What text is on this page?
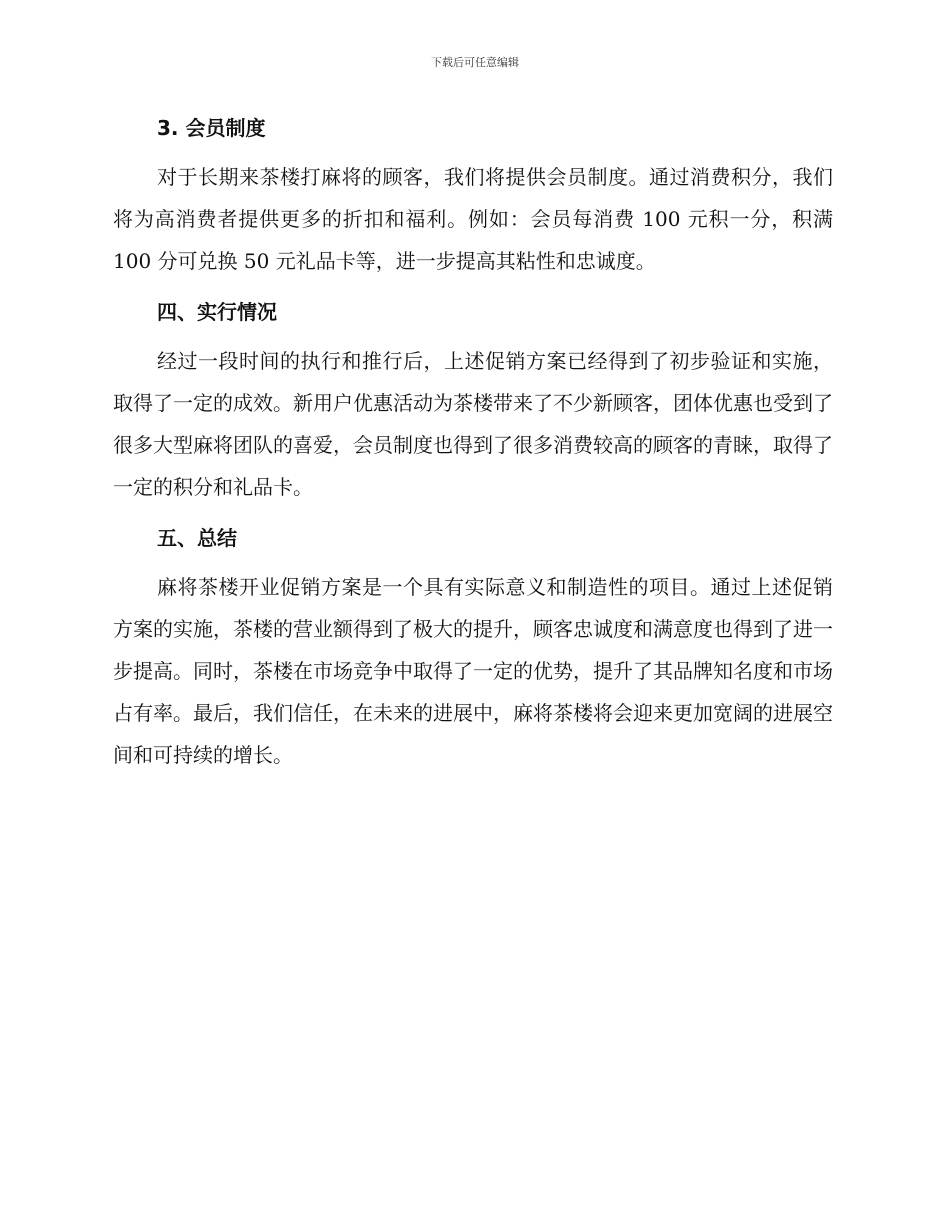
下载后可任意编辑
3. 会员制度

对于长期来茶楼打麻将的顾客，我们将提供会员制度。通过消费积分，我们将为高消费者提供更多的折扣和福利。例如：会员每消费 100 元积一分，积满 100 分可兑换 50 元礼品卡等，进一步提高其粘性和忠诚度。

四、实行情况

经过一段时间的执行和推行后，上述促销方案已经得到了初步验证和实施，取得了一定的成效。新用户优惠活动为茶楼带来了不少新顾客，团体优惠也受到了很多大型麻将团队的喜爱，会员制度也得到了很多消费较高的顾客的青睐，取得了一定的积分和礼品卡。

五、总结

麻将茶楼开业促销方案是一个具有实际意义和制造性的项目。通过上述促销方案的实施，茶楼的营业额得到了极大的提升，顾客忠诚度和满意度也得到了进一步提高。同时，茶楼在市场竞争中取得了一定的优势，提升了其品牌知名度和市场占有率。最后，我们信任，在未来的进展中，麻将茶楼将会迎来更加宽阔的进展空间和可持续的增长。
